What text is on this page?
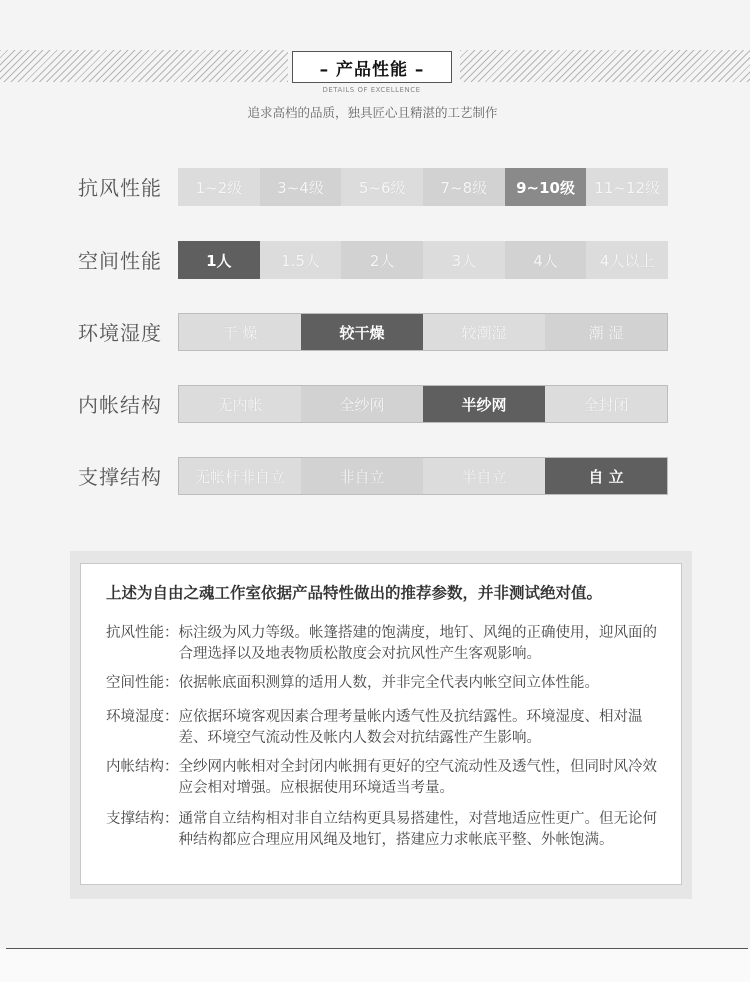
– 产品性能 –
DETAILS OF EXCELLENCE
追求高档的品质，独具匠心且精湛的工艺制作
抗风性能	1~2级	3~4级	5~6级	7~8级	9~10级	11~12级
空间性能	1人	1.5人	2人	3人	4人	4人以上
环境湿度	干 燥	较干燥	较潮湿	潮 湿
内帐结构	无内帐	全纱网	半纱网	全封闭
支撑结构	无帐杆非自立	非自立	半自立	自 立
上述为自由之魂工作室依据产品特性做出的推荐参数，并非测试绝对值。
抗风性能： 标注级为风力等级。帐篷搭建的饱满度，地钉、风绳的正确使用，迎风面的合理选择以及地表物质松散度会对抗风性产生客观影响。
空间性能： 依据帐底面积测算的适用人数，并非完全代表内帐空间立体性能。
环境湿度： 应依据环境客观因素合理考量帐内透气性及抗结露性。环境湿度、相对温差、环境空气流动性及帐内人数会对抗结露性产生影响。
内帐结构： 全纱网内帐相对全封闭内帐拥有更好的空气流动性及透气性，但同时风冷效应会相对增强。应根据使用环境适当考量。
支撑结构： 通常自立结构相对非自立结构更具易搭建性，对营地适应性更广。但无论何种结构都应合理应用风绳及地钉，搭建应力求帐底平整、外帐饱满。
